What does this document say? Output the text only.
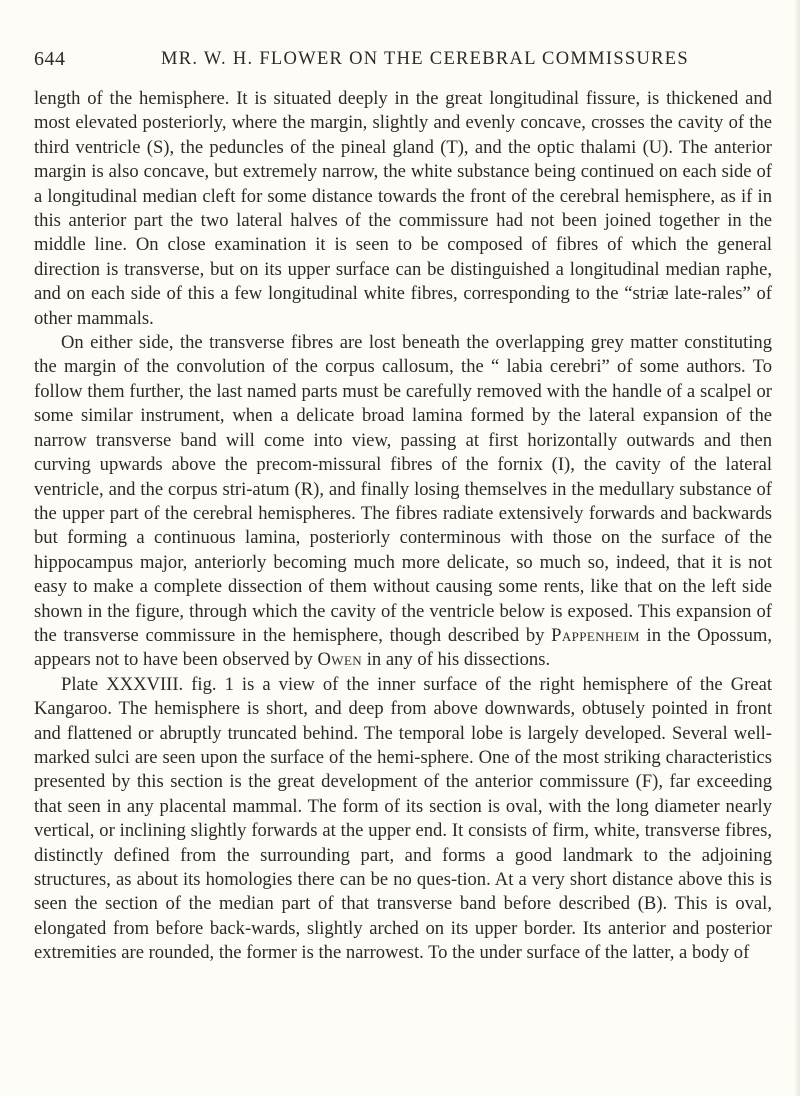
644	MR. W. H. FLOWER ON THE CEREBRAL COMMISSURES

length of the hemisphere. It is situated deeply in the great longitudinal fissure, is thickened and most elevated posteriorly, where the margin, slightly and evenly concave, crosses the cavity of the third ventricle (S), the peduncles of the pineal gland (T), and the optic thalami (U). The anterior margin is also concave, but extremely narrow, the white substance being continued on each side of a longitudinal median cleft for some distance towards the front of the cerebral hemisphere, as if in this anterior part the two lateral halves of the commissure had not been joined together in the middle line. On close examination it is seen to be composed of fibres of which the general direction is transverse, but on its upper surface can be distinguished a longitudinal median raphe, and on each side of this a few longitudinal white fibres, corresponding to the “striæ late-rales” of other mammals.

On either side, the transverse fibres are lost beneath the overlapping grey matter constituting the margin of the convolution of the corpus callosum, the “ labia cerebri” of some authors. To follow them further, the last named parts must be carefully removed with the handle of a scalpel or some similar instrument, when a delicate broad lamina formed by the lateral expansion of the narrow transverse band will come into view, passing at first horizontally outwards and then curving upwards above the precom-missural fibres of the fornix (I), the cavity of the lateral ventricle, and the corpus stri-atum (R), and finally losing themselves in the medullary substance of the upper part of the cerebral hemispheres. The fibres radiate extensively forwards and backwards but forming a continuous lamina, posteriorly conterminous with those on the surface of the hippocampus major, anteriorly becoming much more delicate, so much so, indeed, that it is not easy to make a complete dissection of them without causing some rents, like that on the left side shown in the figure, through which the cavity of the ventricle below is exposed. This expansion of the transverse commissure in the hemisphere, though described by Pappenheim in the Opossum, appears not to have been observed by Owen in any of his dissections.

Plate XXXVIII. fig. 1 is a view of the inner surface of the right hemisphere of the Great Kangaroo. The hemisphere is short, and deep from above downwards, obtusely pointed in front and flattened or abruptly truncated behind. The temporal lobe is largely developed. Several well-marked sulci are seen upon the surface of the hemi-sphere. One of the most striking characteristics presented by this section is the great development of the anterior commissure (F), far exceeding that seen in any placental mammal. The form of its section is oval, with the long diameter nearly vertical, or inclining slightly forwards at the upper end. It consists of firm, white, transverse fibres, distinctly defined from the surrounding part, and forms a good landmark to the adjoining structures, as about its homologies there can be no ques-tion. At a very short distance above this is seen the section of the median part of that transverse band before described (B). This is oval, elongated from before back-wards, slightly arched on its upper border. Its anterior and posterior extremities are rounded, the former is the narrowest. To the under surface of the latter, a body of
